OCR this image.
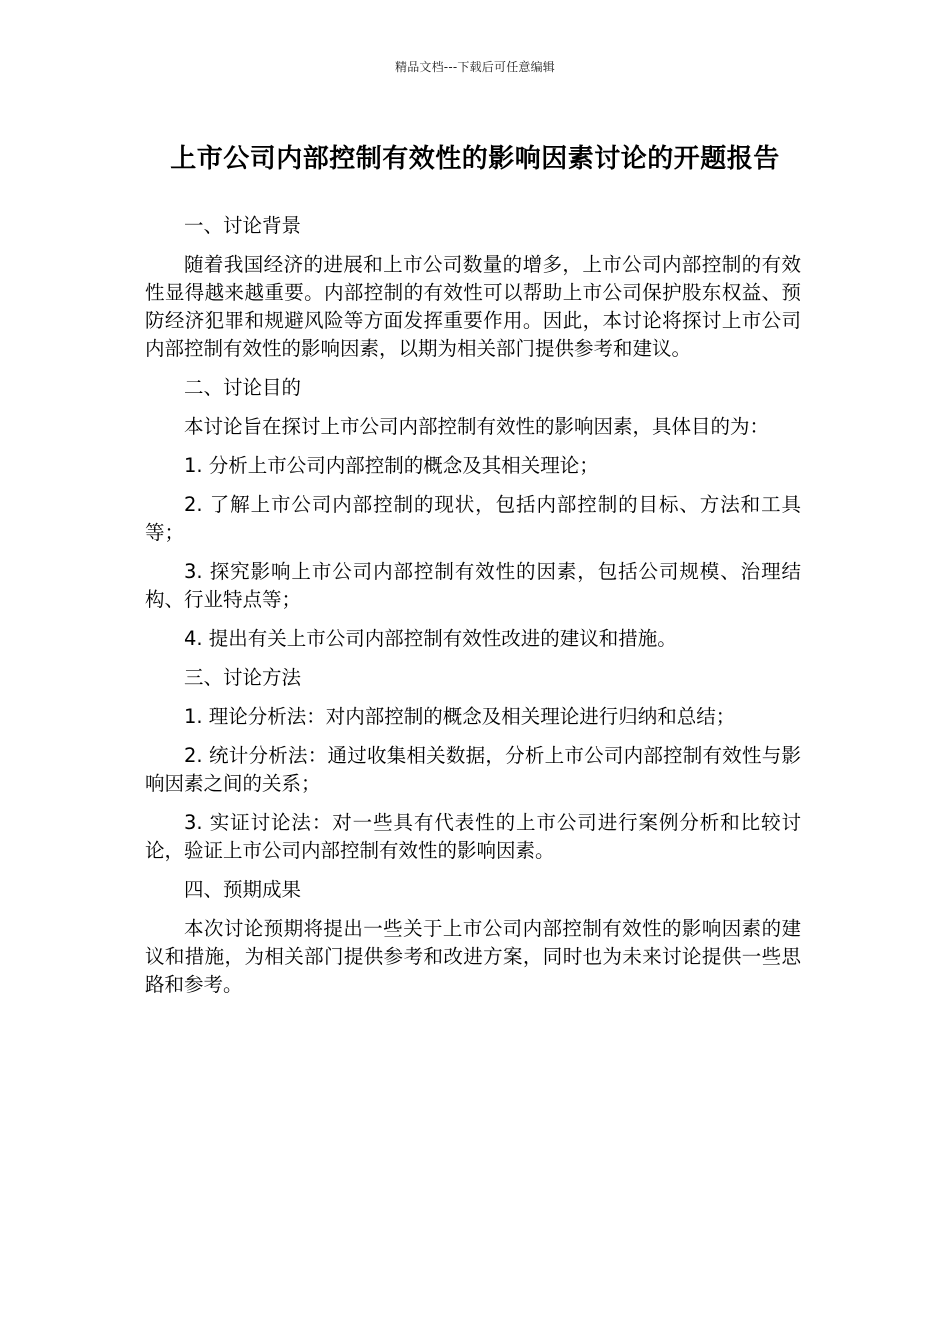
精品文档---下载后可任意编辑
上市公司内部控制有效性的影响因素讨论的开题报告

一、讨论背景

随着我国经济的进展和上市公司数量的增多，上市公司内部控制的有效性显得越来越重要。内部控制的有效性可以帮助上市公司保护股东权益、预防经济犯罪和规避风险等方面发挥重要作用。因此，本讨论将探讨上市公司内部控制有效性的影响因素，以期为相关部门提供参考和建议。

二、讨论目的

本讨论旨在探讨上市公司内部控制有效性的影响因素，具体目的为：

1. 分析上市公司内部控制的概念及其相关理论；

2. 了解上市公司内部控制的现状，包括内部控制的目标、方法和工具等；

3. 探究影响上市公司内部控制有效性的因素，包括公司规模、治理结构、行业特点等；

4. 提出有关上市公司内部控制有效性改进的建议和措施。

三、讨论方法

1. 理论分析法：对内部控制的概念及相关理论进行归纳和总结；

2. 统计分析法：通过收集相关数据，分析上市公司内部控制有效性与影响因素之间的关系；

3. 实证讨论法：对一些具有代表性的上市公司进行案例分析和比较讨论，验证上市公司内部控制有效性的影响因素。

四、预期成果

本次讨论预期将提出一些关于上市公司内部控制有效性的影响因素的建议和措施，为相关部门提供参考和改进方案，同时也为未来讨论提供一些思路和参考。
